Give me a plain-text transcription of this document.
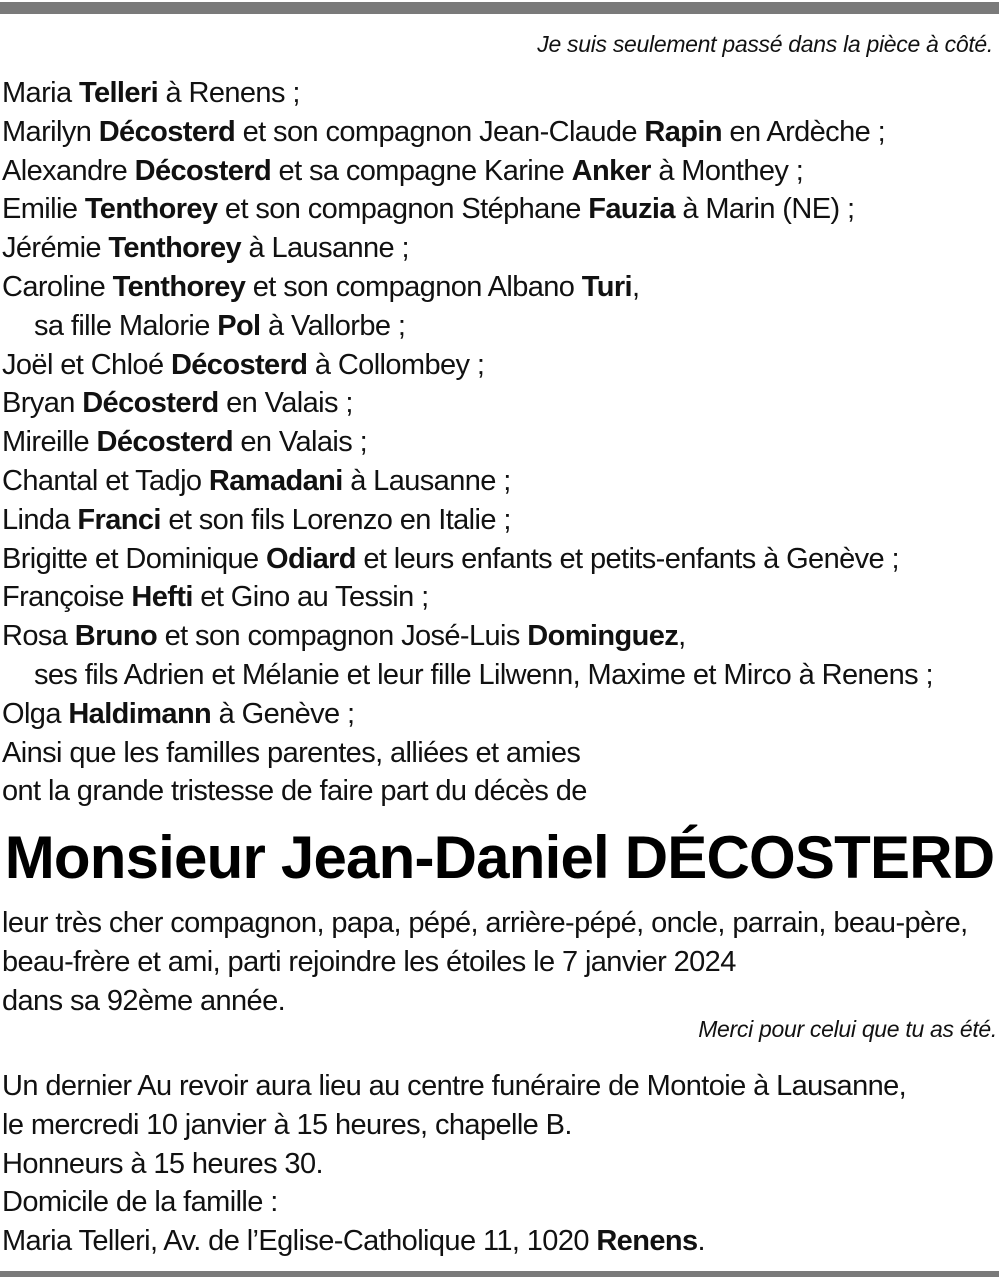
Je suis seulement passé dans la pièce à côté.
Maria Telleri à Renens ;
Marilyn Décosterd et son compagnon Jean-Claude Rapin en Ardèche ;
Alexandre Décosterd et sa compagne Karine Anker à Monthey ;
Emilie Tenthorey et son compagnon Stéphane Fauzia à Marin (NE) ;
Jérémie Tenthorey à Lausanne ;
Caroline Tenthorey et son compagnon Albano Turi,
sa fille Malorie Pol à Vallorbe ;
Joël et Chloé Décosterd à Collombey ;
Bryan Décosterd en Valais ;
Mireille Décosterd en Valais ;
Chantal et Tadjo Ramadani à Lausanne ;
Linda Franci et son fils Lorenzo en Italie ;
Brigitte et Dominique Odiard et leurs enfants et petits-enfants à Genève ;
Françoise Hefti et Gino au Tessin ;
Rosa Bruno et son compagnon José-Luis Dominguez,
ses fils Adrien et Mélanie et leur fille Lilwenn, Maxime et Mirco à Renens ;
Olga Haldimann à Genève ;
Ainsi que les familles parentes, alliées et amies
ont la grande tristesse de faire part du décès de
Monsieur Jean-Daniel DÉCOSTERD
leur très cher compagnon, papa, pépé, arrière-pépé, oncle, parrain, beau-père,
beau-frère et ami, parti rejoindre les étoiles le 7 janvier 2024
dans sa 92ème année.
Merci pour celui que tu as été.
Un dernier Au revoir aura lieu au centre funéraire de Montoie à Lausanne,
le mercredi 10 janvier à 15 heures, chapelle B.
Honneurs à 15 heures 30.
Domicile de la famille :
Maria Telleri, Av. de l’Eglise-Catholique 11, 1020 Renens.
